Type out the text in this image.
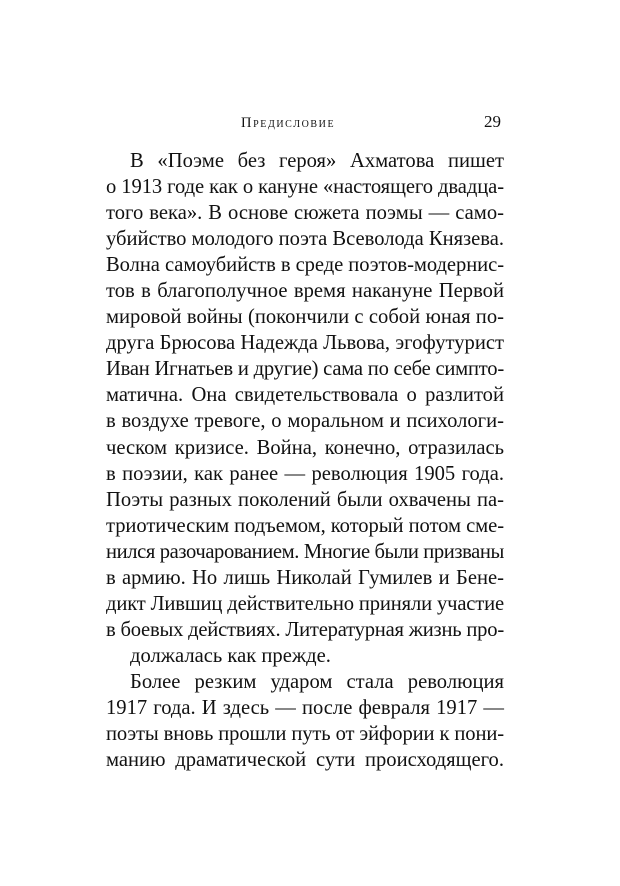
Предисловие	29
В «Поэме без героя» Ахматова пишет
о 1913 годе как о кануне «настоящего двадца-
того века». В основе сюжета поэмы — само-
убийство молодого поэта Всеволода Князева.
Волна самоубийств в среде поэтов-модернис-
тов в благополучное время накануне Первой
мировой войны (покончили с собой юная по-
друга Брюсова Надежда Львова, эгофутурист
Иван Игнатьев и другие) сама по себе симпто-
матична. Она свидетельствовала о разлитой
в воздухе тревоге, о моральном и психологи-
ческом кризисе. Война, конечно, отразилась
в поэзии, как ранее — революция 1905 года.
Поэты разных поколений были охвачены па-
триотическим подъемом, который потом сме-
нился разочарованием. Многие были призваны
в армию. Но лишь Николай Гумилев и Бене-
дикт Лившиц действительно приняли участие
в боевых действиях. Литературная жизнь про-
должалась как прежде.
Более резким ударом стала революция
1917 года. И здесь — после февраля 1917 —
поэты вновь прошли путь от эйфории к пони-
манию драматической сути происходящего.
